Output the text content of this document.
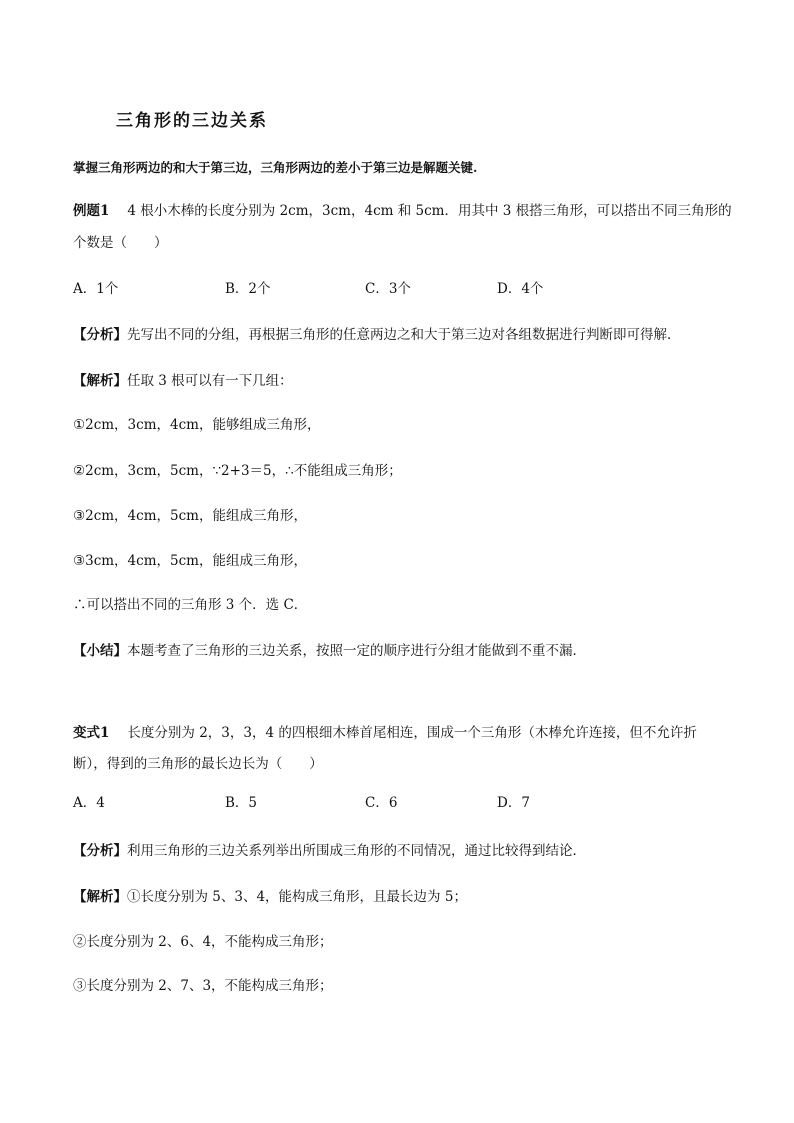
三角形的三边关系
掌握三角形两边的和大于第三边，三角形两边的差小于第三边是解题关键.
例题1 4 根小木棒的长度分别为 2cm，3cm，4cm 和 5cm．用其中 3 根搭三角形，可以搭出不同三角形的
个数是（　　）
A．1个	B．2个	C．3个	D．4个
【分析】先写出不同的分组，再根据三角形的任意两边之和大于第三边对各组数据进行判断即可得解．
【解析】任取 3 根可以有一下几组：
①2cm，3cm，4cm，能够组成三角形，
②2cm，3cm，5cm，∵2+3＝5，∴不能组成三角形；
③2cm，4cm，5cm，能组成三角形，
③3cm，4cm，5cm，能组成三角形，
∴可以搭出不同的三角形 3 个．选 C．
【小结】本题考查了三角形的三边关系，按照一定的顺序进行分组才能做到不重不漏．
变式1 长度分别为 2，3，3，4 的四根细木棒首尾相连，围成一个三角形（木棒允许连接，但不允许折
断），得到的三角形的最长边长为（　　）
A．4	B．5	C．6	D．7
【分析】利用三角形的三边关系列举出所围成三角形的不同情况，通过比较得到结论．
【解析】①长度分别为 5、3、4，能构成三角形，且最长边为 5；
②长度分别为 2、6、4，不能构成三角形；
③长度分别为 2、7、3，不能构成三角形；
